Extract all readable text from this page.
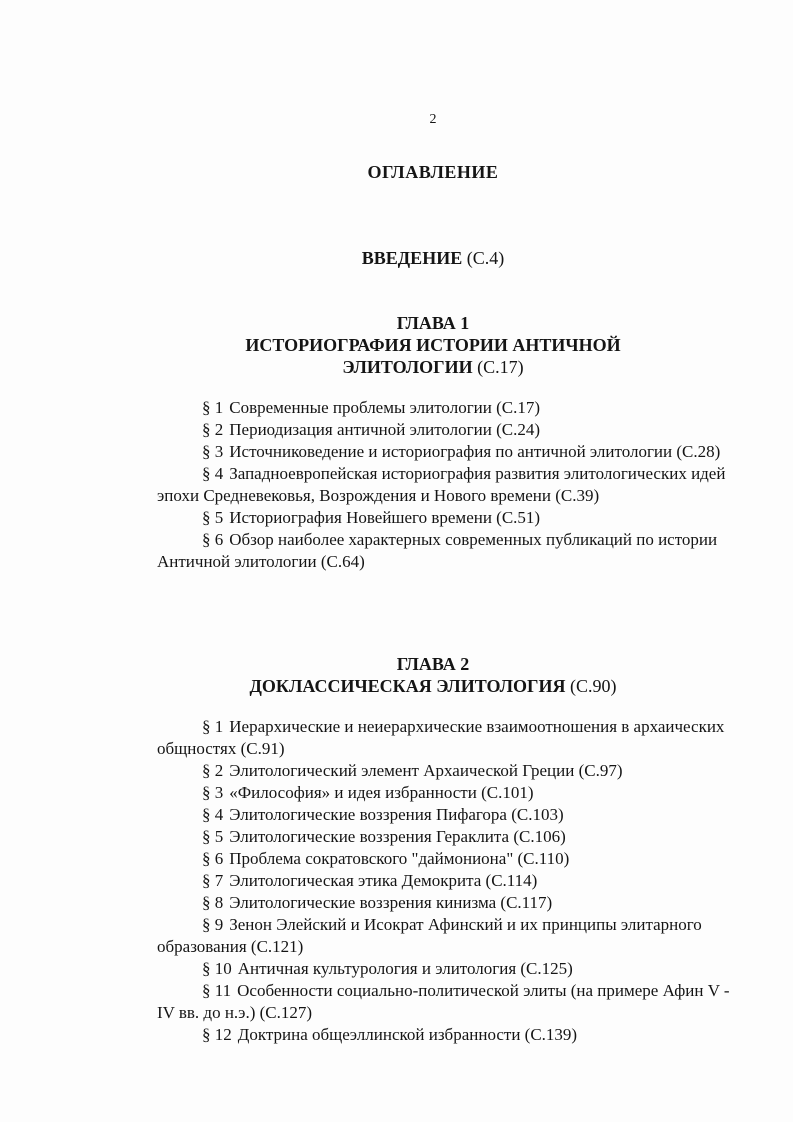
2
ОГЛАВЛЕНИЕ
ВВЕДЕНИЕ (С.4)
ГЛАВА 1
ИСТОРИОГРАФИЯ ИСТОРИИ АНТИЧНОЙ
ЭЛИТОЛОГИИ (С.17)

§ 1 Современные проблемы элитологии (С.17)

§ 2 Периодизация античной элитологии (С.24)

§ 3 Источниковедение и историография по античной элитологии (С.28)

§ 4 Западноевропейская историография развития элитологических идей эпохи Средневековья, Возрождения и Нового времени (С.39)

§ 5 Историография Новейшего времени (С.51)

§ 6 Обзор наиболее характерных современных публикаций по истории Античной элитологии (С.64)

ГЛАВА 2
ДОКЛАССИЧЕСКАЯ ЭЛИТОЛОГИЯ (С.90)

§ 1 Иерархические и неиерархические взаимоотношения в архаических общностях (С.91)

§ 2 Элитологический элемент Архаической Греции (С.97)

§ 3 «Философия» и идея избранности (С.101)

§ 4 Элитологические воззрения Пифагора (С.103)

§ 5 Элитологические воззрения Гераклита (С.106)

§ 6 Проблема сократовского "даймониона" (С.110)

§ 7 Элитологическая этика Демокрита (С.114)

§ 8 Элитологические воззрения кинизма (С.117)

§ 9 Зенон Элейский и Исократ Афинский и их принципы элитарного образования (С.121)

§ 10 Античная культурология и элитология (С.125)

§ 11 Особенности социально-политической элиты (на примере Афин V - IV вв. до н.э.) (С.127)

§ 12 Доктрина общеэллинской избранности (С.139)
